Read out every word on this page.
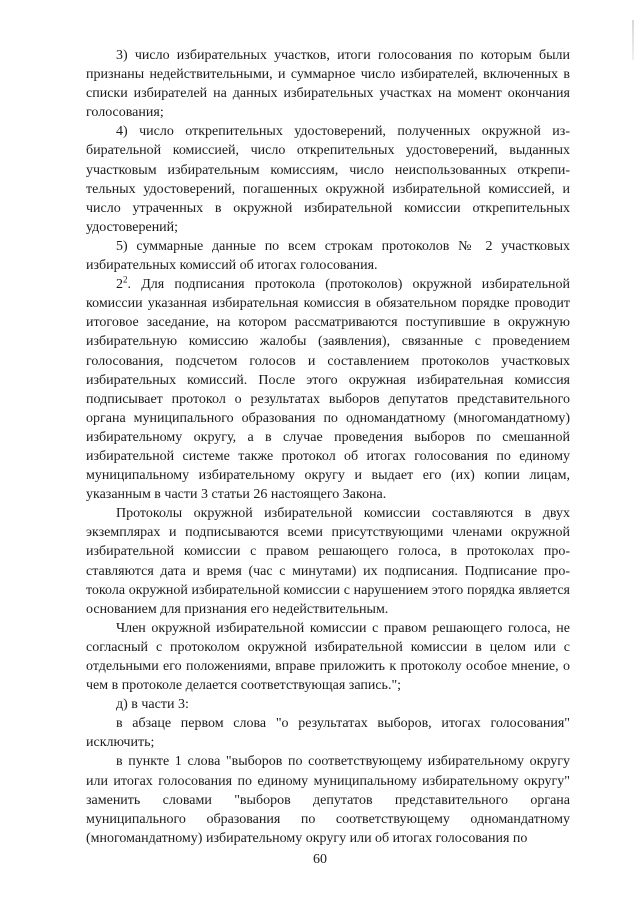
3) число избирательных участков, итоги голосования по которым были признаны недействительными, и суммарное число избирателей, включенных в списки избирателей на данных избирательных участках на момент окончания голосования;

4) число открепительных удостоверений, полученных окружной избирательной комиссией, число открепительных удостоверений, выданных участковым избирательным комиссиям, число неиспользованных открепительных удостоверений, погашенных окружной избирательной комиссией, и число утраченных в окружной избирательной комиссии открепительных удостоверений;

5) суммарные данные по всем строкам протоколов № 2 участковых избирательных комиссий об итогах голосования.

$2^2$. Для подписания протокола (протоколов) окружной избирательной комиссии указанная избирательная комиссия в обязательном порядке проводит итоговое заседание, на котором рассматриваются поступившие в окружную избирательную комиссию жалобы (заявления), связанные с проведением голосования, подсчетом голосов и составлением протоколов участковых избирательных комиссий. После этого окружная избирательная комиссия подписывает протокол о результатах выборов депутатов представительного органа муниципального образования по одномандатному (многомандатному) избирательному округу, а в случае проведения выборов по смешанной избирательной системе также протокол об итогах голосования по единому муниципальному избирательному округу и выдает его (их) копии лицам, указанным в части 3 статьи 26 настоящего Закона.

Протоколы окружной избирательной комиссии составляются в двух экземплярах и подписываются всеми присутствующими членами окружной избирательной комиссии с правом решающего голоса, в протоколах проставляются дата и время (час с минутами) их подписания. Подписание протокола окружной избирательной комиссии с нарушением этого порядка является основанием для признания его недействительным.

Член окружной избирательной комиссии с правом решающего голоса, не согласный с протоколом окружной избирательной комиссии в целом или с отдельными его положениями, вправе приложить к протоколу особое мнение, о чем в протоколе делается соответствующая запись.";

д) в части 3:

в абзаце первом слова "о результатах выборов, итогах голосования" исключить;

в пункте 1 слова "выборов по соответствующему избирательному округу или итогах голосования по единому муниципальному избирательному округу" заменить словами "выборов депутатов представительного органа муниципального образования по соответствующему одномандатному (многомандатному) избирательному округу или об итогах голосования по

60
